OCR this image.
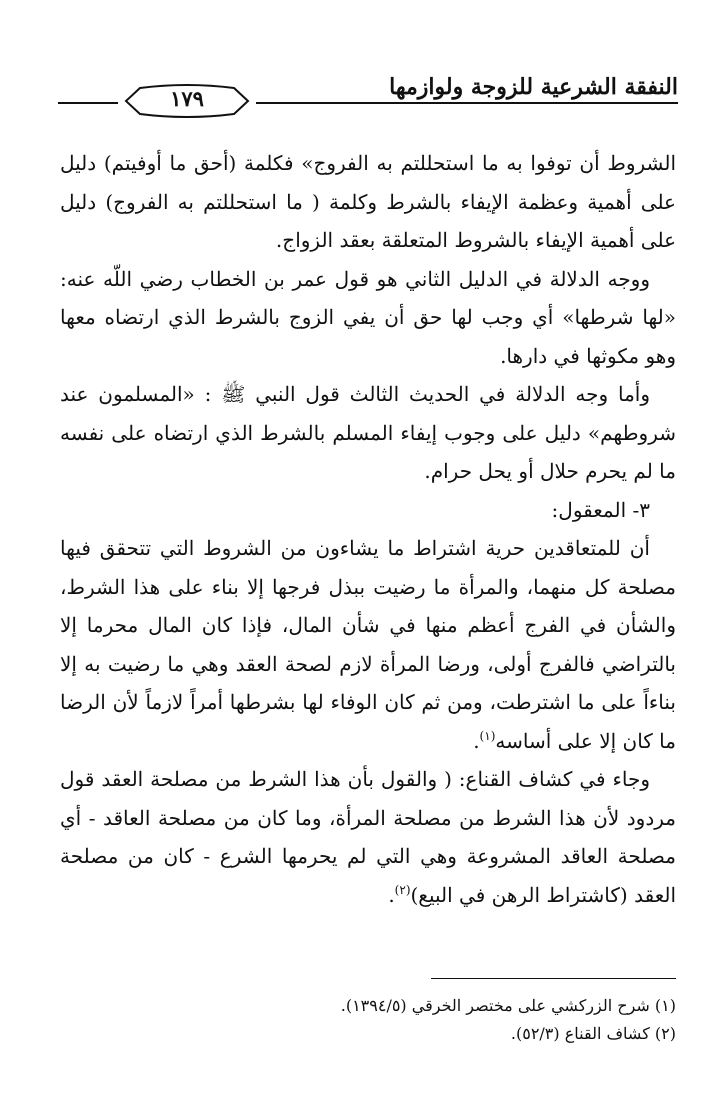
النفقة الشرعية للزوجة ولوازمها
١٧٩

الشروط أن توفوا به ما استحللتم به الفروج» فكلمة (أحق ما أوفيتم) دليل على أهمية وعظمة الإيفاء بالشرط وكلمة ( ما استحللتم به الفروج) دليل على أهمية الإيفاء بالشروط المتعلقة بعقد الزواج.

ووجه الدلالة في الدليل الثاني هو قول عمر بن الخطاب رضي اللّه عنه: «لها شرطها» أي وجب لها حق أن يفي الزوج بالشرط الذي ارتضاه معها وهو مكوثها في دارها.

وأما وجه الدلالة في الحديث الثالث قول النبي ﷺ : «المسلمون عند شروطهم» دليل على وجوب إيفاء المسلم بالشرط الذي ارتضاه على نفسه ما لم يحرم حلال أو يحل حرام.

٣- المعقول:

أن للمتعاقدين حرية اشتراط ما يشاءون من الشروط التي تتحقق فيها مصلحة كل منهما، والمرأة ما رضيت ببذل فرجها إلا بناء على هذا الشرط، والشأن في الفرج أعظم منها في شأن المال، فإذا كان المال محرما إلا بالتراضي فالفرج أولى، ورضا المرأة لازم لصحة العقد وهي ما رضيت به إلا بناءاً على ما اشترطت، ومن ثم كان الوفاء لها بشرطها أمراً لازماً لأن الرضا ما كان إلا على أساسه$^{(١)}$.

وجاء في كشاف القناع: ( والقول بأن هذا الشرط من مصلحة العقد قول مردود لأن هذا الشرط من مصلحة المرأة، وما كان من مصلحة العاقد - أي مصلحة العاقد المشروعة وهي التي لم يحرمها الشرع - كان من مصلحة العقد (كاشتراط الرهن في البيع)$^{(٢)}$.

(١) شرح الزركشي على مختصر الخرقي (١٣٩٤/٥).

(٢) كشاف القناع (٥٢/٣).
